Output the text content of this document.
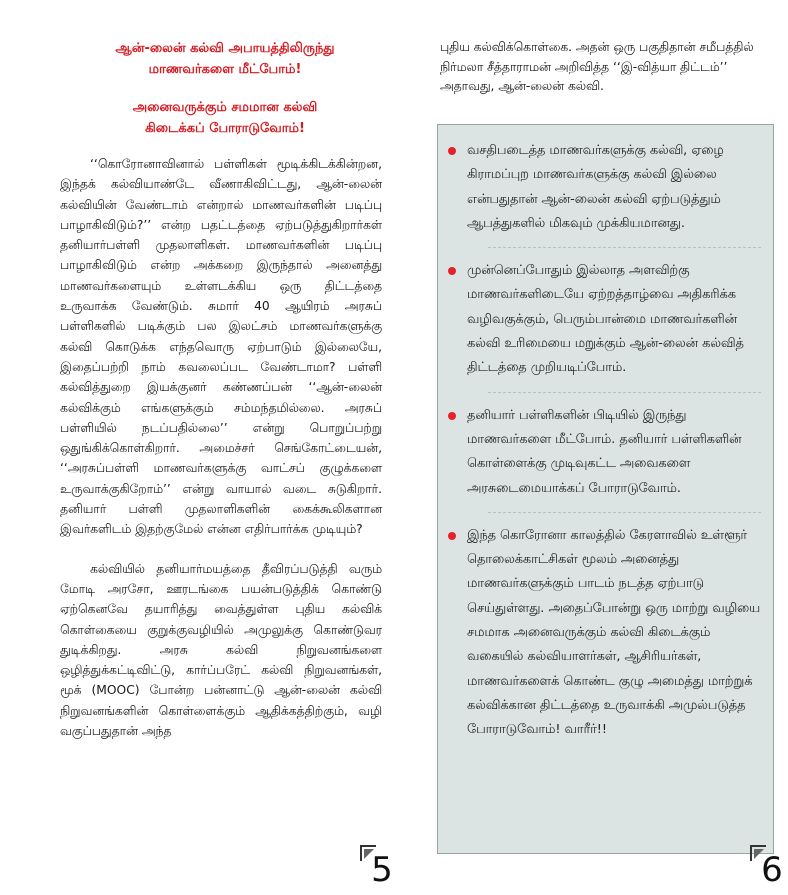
ஆன்-லைன் கல்வி அபாயத்திலிருந்து
மாணவர்களை மீட்போம்!
அனைவருக்கும் சமமான கல்வி
கிடைக்கப் போராடுவோம்!

‘‘கொரோனாவினால் பள்ளிகள் மூடிக்கிடக்கின்றன, இந்தக் கல்வியாண்டே வீணாகிவிட்டது, ஆன்-லைன் கல்வியின் வேண்டாம் என்றால் மாணவர்களின் படிப்பு பாழாகிவிடும்?’’ என்ற பதட்டத்தை ஏற்படுத்துகிறார்கள் தனியார்பள்ளி முதலாளிகள். மாணவர்களின் படிப்பு பாழாகிவிடும் என்ற அக்கறை இருந்தால் அனைத்து மாணவர்களையும் உள்ளடக்கிய ஒரு திட்டத்தை உருவாக்க வேண்டும். சுமார் 40 ஆயிரம் அரசுப் பள்ளிகளில் படிக்கும் பல இலட்சம் மாணவர்களுக்கு கல்வி கொடுக்க எந்தவொரு ஏற்பாடும் இல்லையே, இதைப்பற்றி நாம் கவலைப்பட வேண்டாமா? பள்ளி கல்வித்துறை இயக்குனர் கண்ணப்பன் ‘‘ஆன்-லைன் கல்விக்கும் எங்களுக்கும் சம்மந்தமில்லை. அரசுப் பள்ளியில் நடப்பதில்லை’’ என்று பொறுப்பற்று ஒதுங்கிக்கொள்கிறார். அமைச்சர் செங்கோட்டையன், ‘‘அரசுப்பள்ளி மாணவர்களுக்கு வாட்சப் குழுக்களை உருவாக்குகிறோம்’’ என்று வாயால் வடை சுடுகிறார். தனியார் பள்ளி முதலாளிகளின் கைக்கூலிகளான இவர்களிடம் இதற்குமேல் என்ன எதிர்பார்க்க முடியும்?

கல்வியில் தனியார்மயத்தை தீவிரப்படுத்தி வரும் மோடி அரசோ, ஊரடங்கை பயன்படுத்திக் கொண்டு ஏற்கெனவே தயாரித்து வைத்துள்ள புதிய கல்விக் கொள்கையை குறுக்குவழியில் அமுலுக்கு கொண்டுவர துடிக்கிறது. அரசு கல்வி நிறுவனங்களை ஒழித்துக்கட்டிவிட்டு, கார்ப்பரேட் கல்வி நிறுவனங்கள், மூக் (MOOC) போன்ற பன்னாட்டு ஆன்-லைன் கல்வி நிறுவனங்களின் கொள்ளைக்கும் ஆதிக்கத்திற்கும், வழி வகுப்பதுதான் அந்த

புதிய கல்விக்கொள்கை. அதன் ஒரு பகுதிதான் சமீபத்தில் நிர்மலா சீத்தாராமன் அறிவித்த ‘‘இ-வித்யா திட்டம்’’ அதாவது, ஆன்-லைன் கல்வி.

வசதிபடைத்த மாணவர்களுக்கு கல்வி, ஏழை கிராமப்புற மாணவர்களுக்கு கல்வி இல்லை என்பதுதான் ஆன்-லைன் கல்வி ஏற்படுத்தும் ஆபத்துகளில் மிகவும் முக்கியமானது.
முன்னெப்போதும் இல்லாத அளவிற்கு மாணவர்களிடையே ஏற்றத்தாழ்வை அதிகரிக்க வழிவகுக்கும், பெரும்பான்மை மாணவர்களின் கல்வி உரிமையை மறுக்கும் ஆன்-லைன் கல்வித் திட்டத்தை முறியடிப்போம்.
தனியார் பள்ளிகளின் பிடியில் இருந்து மாணவர்களை மீட்போம். தனியார் பள்ளிகளின் கொள்ளைக்கு முடிவுகட்ட அவைகளை அரசுடைமையாக்கப் போராடுவோம்.
இந்த கொரோனா காலத்தில் கேரளாவில் உள்ளூர் தொலைக்காட்சிகள் மூலம் அனைத்து மாணவர்களுக்கும் பாடம் நடத்த ஏற்பாடு செய்துள்ளது. அதைப்போன்று ஒரு மாற்று வழியை சமமாக அனைவருக்கும் கல்வி கிடைக்கும் வகையில் கல்வியாளர்கள், ஆசிரியர்கள், மாணவர்களைக் கொண்ட குழு அமைத்து மாற்றுக் கல்விக்கான திட்டத்தை உருவாக்கி அமுல்படுத்த போராடுவோம்! வாரீர்!!
5	6
